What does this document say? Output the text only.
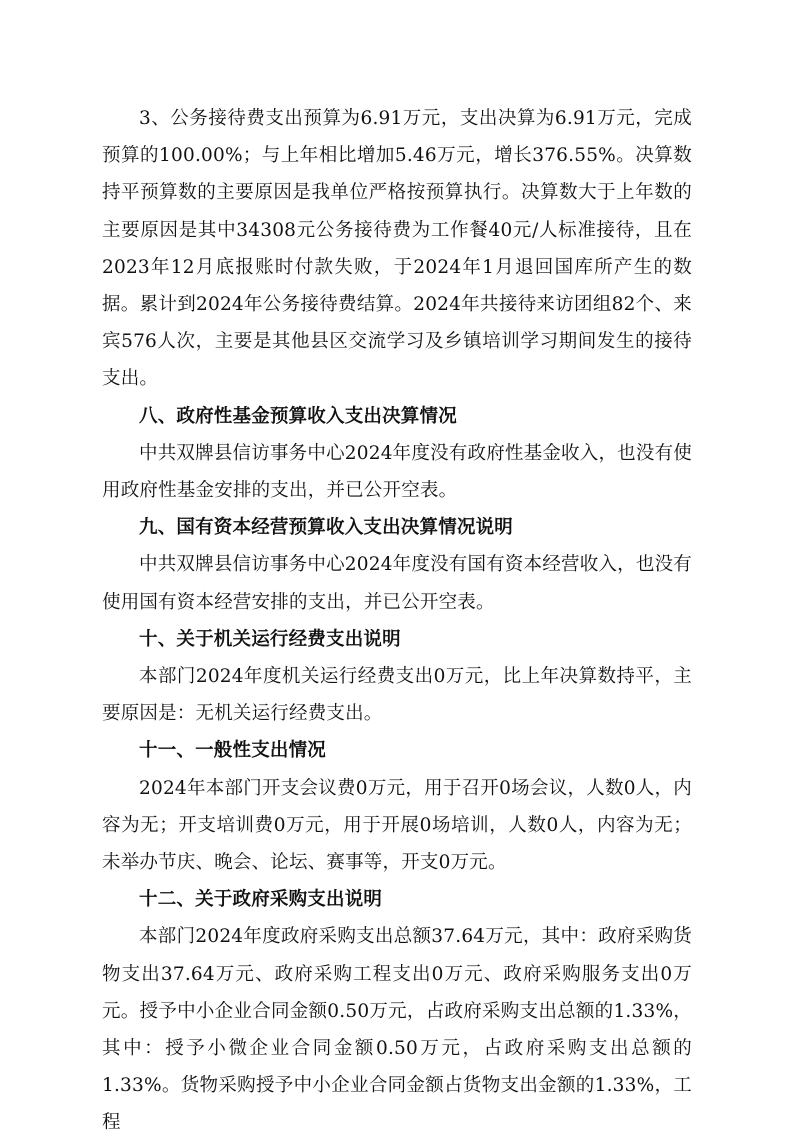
3、公务接待费支出预算为6.91万元，支出决算为6.91万元，完成预算的100.00%；与上年相比增加5.46万元，增长376.55%。决算数持平预算数的主要原因是我单位严格按预算执行。决算数大于上年数的主要原因是其中34308元公务接待费为工作餐40元/人标准接待，且在2023年12月底报账时付款失败，于2024年1月退回国库所产生的数据。累计到2024年公务接待费结算。2024年共接待来访团组82个、来宾576人次，主要是其他县区交流学习及乡镇培训学习期间发生的接待支出。

八、政府性基金预算收入支出决算情况

中共双牌县信访事务中心2024年度没有政府性基金收入，也没有使用政府性基金安排的支出，并已公开空表。

九、国有资本经营预算收入支出决算情况说明

中共双牌县信访事务中心2024年度没有国有资本经营收入，也没有使用国有资本经营安排的支出，并已公开空表。

十、关于机关运行经费支出说明

本部门2024年度机关运行经费支出0万元，比上年决算数持平，主要原因是：无机关运行经费支出。

十一、一般性支出情况

2024年本部门开支会议费0万元，用于召开0场会议，人数0人，内容为无；开支培训费0万元，用于开展0场培训，人数0人，内容为无；未举办节庆、晚会、论坛、赛事等，开支0万元。

十二、关于政府采购支出说明

本部门2024年度政府采购支出总额37.64万元，其中：政府采购货物支出37.64万元、政府采购工程支出0万元、政府采购服务支出0万元。授予中小企业合同金额0.50万元，占政府采购支出总额的1.33%，其中：授予小微企业合同金额0.50万元，占政府采购支出总额的1.33%。货物采购授予中小企业合同金额占货物支出金额的1.33%，工程
